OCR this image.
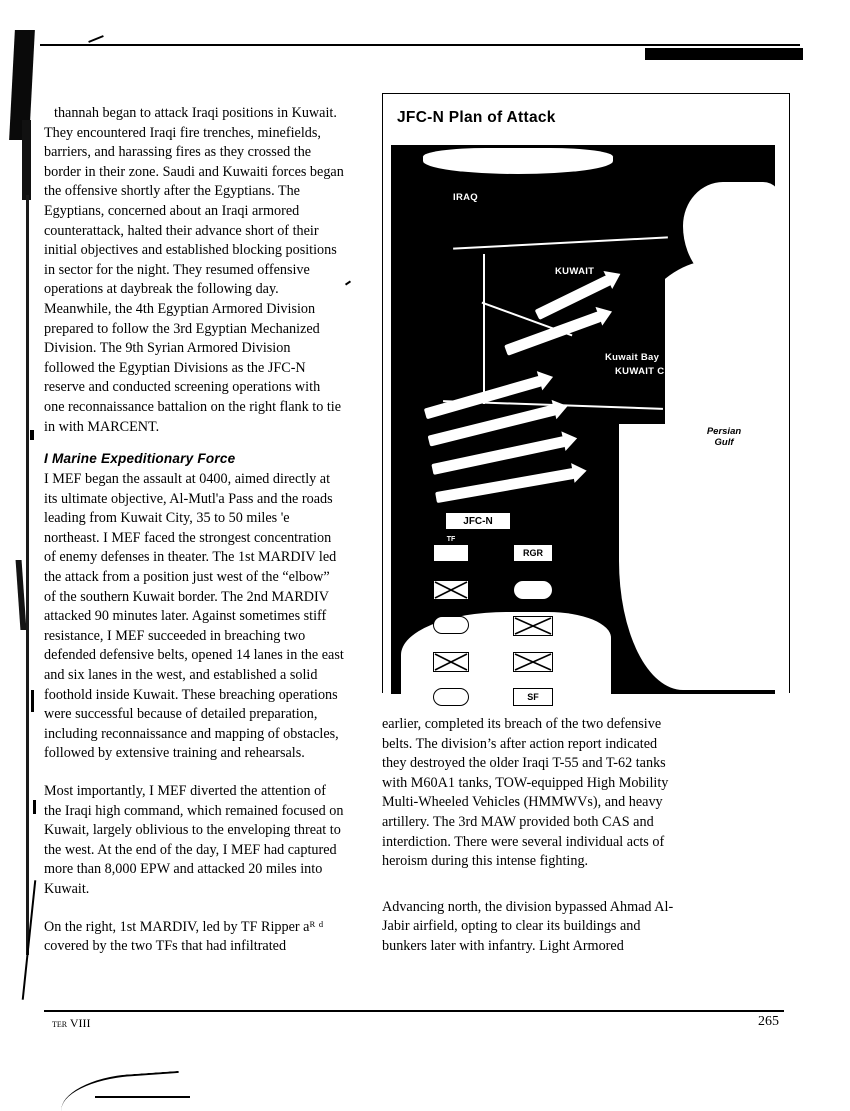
thannah began to attack Iraqi positions in Kuwait. They encountered Iraqi fire trenches, minefields, barriers, and harassing fires as they crossed the border in their zone. Saudi and Kuwaiti forces began the offensive shortly after the Egyptians. The Egyptians, concerned about an Iraqi armored counterattack, halted their advance short of their initial objectives and established blocking positions in sector for the night. They resumed offensive operations at daybreak the following day. Meanwhile, the 4th Egyptian Armored Division prepared to follow the 3rd Egyptian Mechanized Division. The 9th Syrian Armored Division followed the Egyptian Divisions as the JFC-N reserve and conducted screening operations with one reconnaissance battalion on the right flank to tie in with MARCENT.

I Marine Expeditionary Force

I MEF began the assault at 0400, aimed directly at its ultimate objective, Al-Mutl'a Pass and the roads leading from Kuwait City, 35 to 50 miles 'e northeast. I MEF faced the strongest concentration of enemy defenses in theater. The 1st MARDIV led the attack from a position just west of the “elbow” of the southern Kuwait border. The 2nd MARDIV attacked 90 minutes later. Against sometimes stiff resistance, I MEF succeeded in breaching two defended defensive belts, opened 14 lanes in the east and six lanes in the west, and established a solid foothold inside Kuwait. These breaching operations were successful because of detailed preparation, including reconnaissance and mapping of obstacles, followed by extensive training and rehearsals.

Most importantly, I MEF diverted the attention of the Iraqi high command, which remained focused on Kuwait, largely oblivious to the enveloping threat to the west. At the end of the day, I MEF had captured more than 8,000 EPW and attacked 20 miles into Kuwait.

On the right, 1st MARDIV, led by TF Ripper aᴿ ᵈ covered by the two TFs that had infiltrated

JFC-N Plan of Attack
IRAQ
KUWAIT
Kuwait Bay
KUWAIT CITY
Persian Gulf
JFC-N
TF
RGR
SF
4

earlier, completed its breach of the two defensive belts. The division’s after action report indicated they destroyed the older Iraqi T-55 and T-62 tanks with M60A1 tanks, TOW-equipped High Mobility Multi-Wheeled Vehicles (HMMWVs), and heavy artillery. The 3rd MAW provided both CAS and interdiction. There were several individual acts of heroism during this intense fighting.

Advancing north, the division bypassed Ahmad Al-Jabir airfield, opting to clear its buildings and bunkers later with infantry. Light Armored

ter VIII	265
